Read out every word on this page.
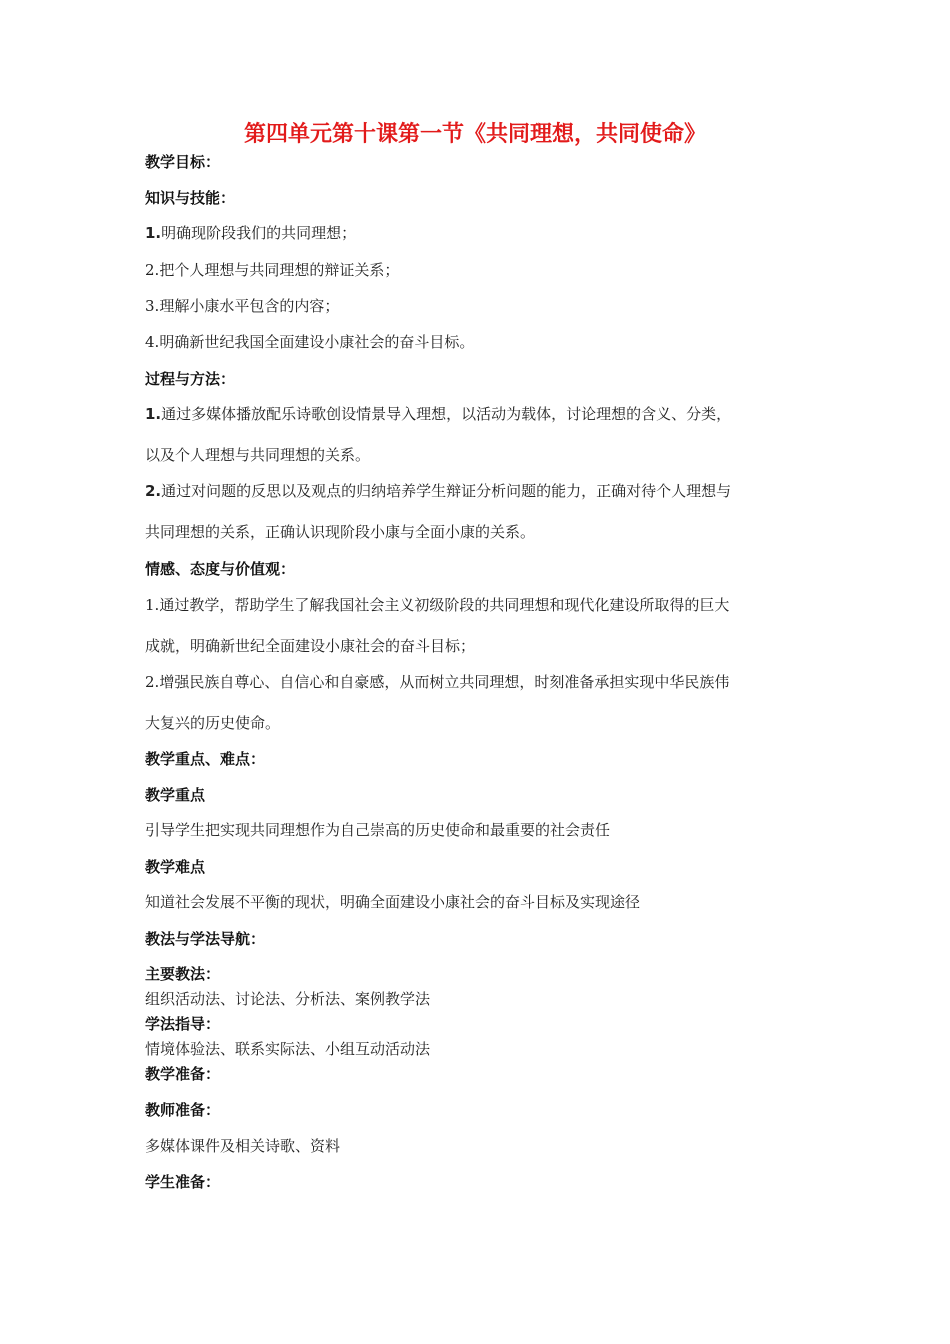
第四单元第十课第一节《共同理想，共同使命》
教学目标：
知识与技能：
1.明确现阶段我们的共同理想；
2.把个人理想与共同理想的辩证关系；
3.理解小康水平包含的内容；
4.明确新世纪我国全面建设小康社会的奋斗目标。
过程与方法：
1.通过多媒体播放配乐诗歌创设情景导入理想，以活动为载体，讨论理想的含义、分类，
以及个人理想与共同理想的关系。
2.通过对问题的反思以及观点的归纳培养学生辩证分析问题的能力，正确对待个人理想与
共同理想的关系，正确认识现阶段小康与全面小康的关系。
情感、态度与价值观：
1.通过教学，帮助学生了解我国社会主义初级阶段的共同理想和现代化建设所取得的巨大
成就，明确新世纪全面建设小康社会的奋斗目标；
2.增强民族自尊心、自信心和自豪感，从而树立共同理想，时刻准备承担实现中华民族伟
大复兴的历史使命。
教学重点、难点：
教学重点
引导学生把实现共同理想作为自己崇高的历史使命和最重要的社会责任
教学难点
知道社会发展不平衡的现状，明确全面建设小康社会的奋斗目标及实现途径
教法与学法导航：
主要教法：
组织活动法、讨论法、分析法、案例教学法
学法指导：
情境体验法、联系实际法、小组互动活动法
教学准备：
教师准备：
多媒体课件及相关诗歌、资料
学生准备：
